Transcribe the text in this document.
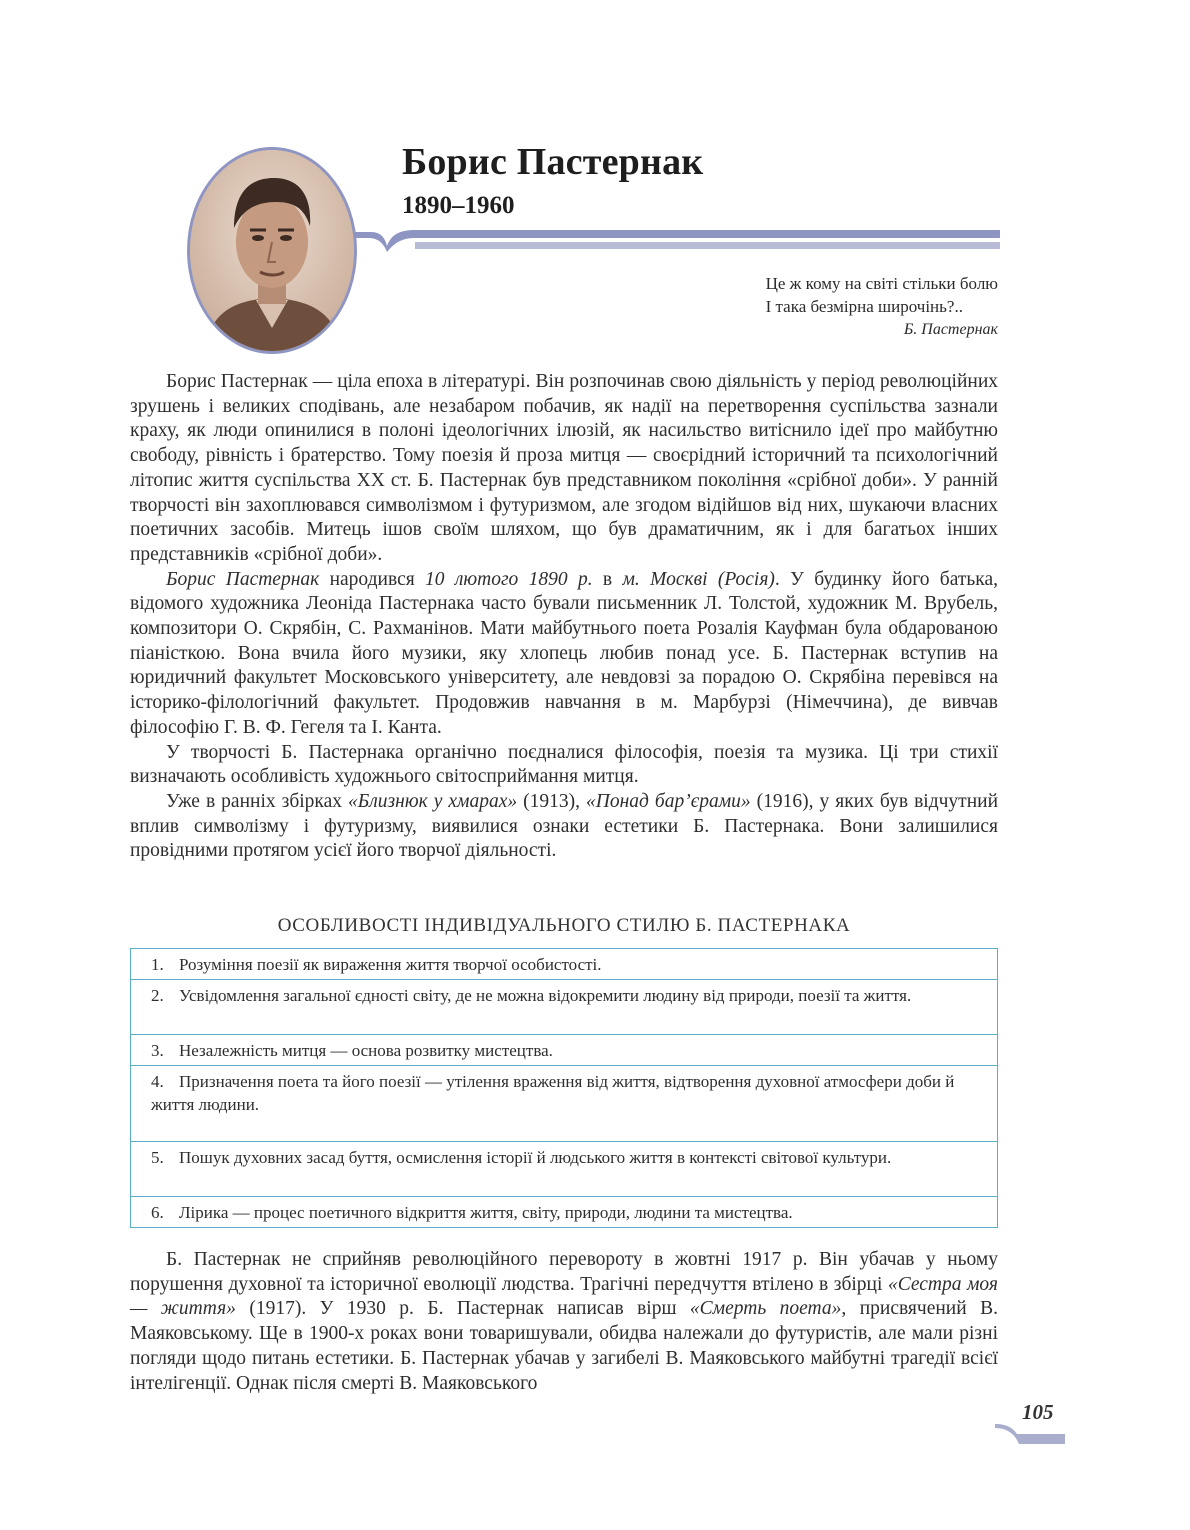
Борис Пастернак
1890–1960
Це ж кому на світі стільки болю
І така безмірна широчінь?..
Б. Пастернак

Борис Пастернак — ціла епоха в літературі. Він розпочинав свою діяльність у період революційних зрушень і великих сподівань, але незабаром побачив, як надії на перетворення суспільства зазнали краху, як люди опинилися в полоні ідеологічних ілюзій, як насильство витіснило ідеї про майбутню свободу, рівність і братерство. Тому поезія й проза митця — своєрідний історичний та психологічний літопис життя суспільства XX ст. Б. Пастернак був представником покоління «срібної доби». У ранній творчості він захоплювався символізмом і футуризмом, але згодом відійшов від них, шукаючи власних поетичних засобів. Митець ішов своїм шляхом, що був драматичним, як і для багатьох інших представників «срібної доби».

Борис Пастернак народився 10 лютого 1890 р. в м. Москві (Росія). У будинку його батька, відомого художника Леоніда Пастернака часто бували письменник Л. Толстой, художник М. Врубель, композитори О. Скрябін, С. Рахманінов. Мати майбутнього поета Розалія Кауфман була обдарованою піаністкою. Вона вчила його музики, яку хлопець любив понад усе. Б. Пастернак вступив на юридичний факультет Московського університету, але невдовзі за порадою О. Скрябіна перевівся на історико-філологічний факультет. Продовжив навчання в м. Марбурзі (Німеччина), де вивчав філософію Г. В. Ф. Гегеля та І. Канта.

У творчості Б. Пастернака органічно поєдналися філософія, поезія та музика. Ці три стихії визначають особливість художнього світосприймання митця.

Уже в ранніх збірках «Близнюк у хмарах» (1913), «Понад бар’єрами» (1916), у яких був відчутний вплив символізму і футуризму, виявилися ознаки естетики Б. Пастернака. Вони залишилися провідними протягом усієї його творчої діяльності.

ОСОБЛИВОСТІ ІНДИВІДУАЛЬНОГО СТИЛЮ Б. ПАСТЕРНАКА
1. Розуміння поезії як вираження життя творчої особистості.
2. Усвідомлення загальної єдності світу, де не можна відокремити людину від природи, поезії та життя.
3. Незалежність митця — основа розвитку мистецтва.
4. Призначення поета та його поезії — утілення враження від життя, відтворення духовної атмосфери доби й життя людини.
5. Пошук духовних засад буття, осмислення історії й людського життя в контексті світової культури.
6. Лірика — процес поетичного відкриття життя, світу, природи, людини та мистецтва.

Б. Пастернак не сприйняв революційного перевороту в жовтні 1917 р. Він убачав у ньому порушення духовної та історичної еволюції людства. Трагічні передчуття втілено в збірці «Сестра моя — життя» (1917). У 1930 р. Б. Пастернак написав вірш «Смерть поета», присвячений В. Маяковському. Ще в 1900-х роках вони товаришували, обидва належали до футуристів, але мали різні погляди щодо питань естетики. Б. Пастернак убачав у загибелі В. Маяковського майбутні трагедії всієї інтелігенції. Однак після смерті В. Маяковського

105
